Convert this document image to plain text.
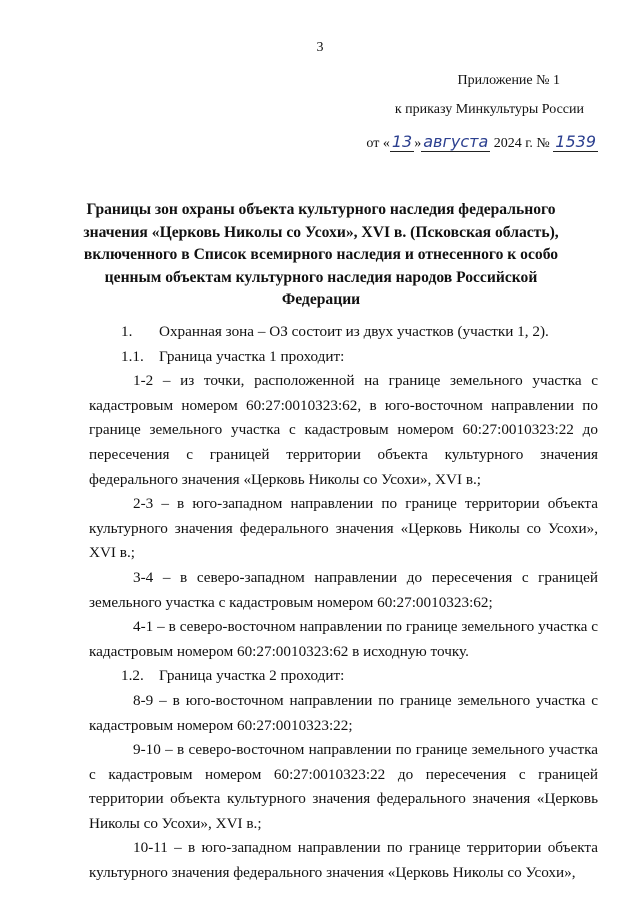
3
Приложение № 1
к приказу Минкультуры России
от « 13 » августа 2024 г. № 1539
Границы зон охраны объекта культурного наследия федерального значения «Церковь Николы со Усохи», XVI в. (Псковская область), включенного в Список всемирного наследия и отнесенного к особо ценным объектам культурного наследия народов Российской Федерации

1.	Охранная зона – ОЗ состоит из двух участков (участки 1, 2).

1.1.	Граница участка 1 проходит:

1-2 – из точки, расположенной на границе земельного участка с кадастровым номером 60:27:0010323:62, в юго-восточном направлении по границе земельного участка с кадастровым номером 60:27:0010323:22 до пересечения с границей территории объекта культурного значения федерального значения «Церковь Николы со Усохи», XVI в.;

2-3 – в юго-западном направлении по границе территории объекта культурного значения федерального значения «Церковь Николы со Усохи», XVI в.;

3-4 – в северо-западном направлении до пересечения с границей земельного участка с кадастровым номером 60:27:0010323:62;

4-1 – в северо-восточном направлении по границе земельного участка с кадастровым номером 60:27:0010323:62 в исходную точку.

1.2.	Граница участка 2 проходит:

8-9 – в юго-восточном направлении по границе земельного участка с кадастровым номером 60:27:0010323:22;

9-10 – в северо-восточном направлении по границе земельного участка с кадастровым номером 60:27:0010323:22 до пересечения с границей территории объекта культурного значения федерального значения «Церковь Николы со Усохи», XVI в.;

10-11 – в юго-западном направлении по границе территории объекта культурного значения федерального значения «Церковь Николы со Усохи»,
